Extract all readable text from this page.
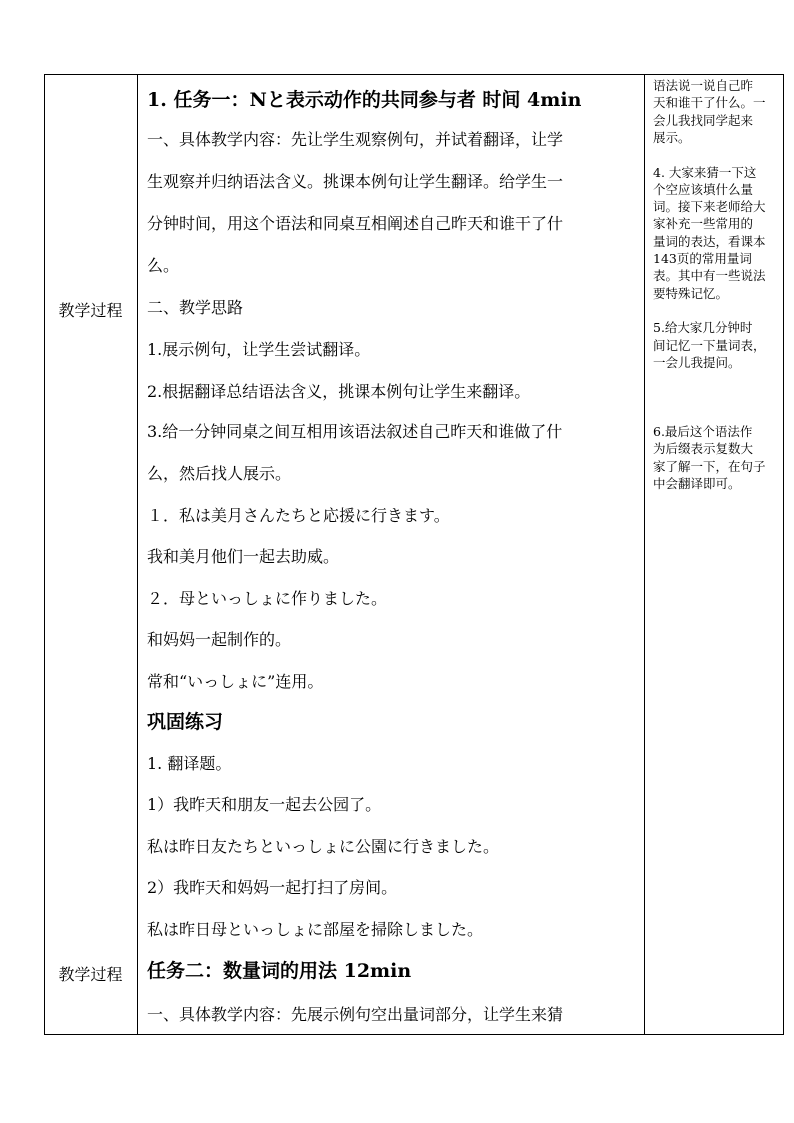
教学过程
教学过程
1. 任务一：Nと表示动作的共同参与者 时间 4min
一、具体教学内容：先让学生观察例句，并试着翻译，让学
生观察并归纳语法含义。挑课本例句让学生翻译。给学生一
分钟时间，用这个语法和同桌互相阐述自己昨天和谁干了什
么。
二、教学思路
1.展示例句，让学生尝试翻译。
2.根据翻译总结语法含义，挑课本例句让学生来翻译。
3.给一分钟同桌之间互相用该语法叙述自己昨天和谁做了什
么，然后找人展示。
１．私は美月さんたちと応援に行きます。
我和美月他们一起去助威。
２．母といっしょに作りました。
和妈妈一起制作的。
常和“いっしょに”连用。
巩固练习
1. 翻译题。
1）我昨天和朋友一起去公园了。
私は昨日友たちといっしょに公園に行きました。
2）我昨天和妈妈一起打扫了房间。
私は昨日母といっしょに部屋を掃除しました。
任务二：数量词的用法 12min
一、具体教学内容：先展示例句空出量词部分，让学生来猜
语法说一说自己昨
天和谁干了什么。一
会儿我找同学起来
展示。
4. 大家来猜一下这
个空应该填什么量
词。接下来老师给大
家补充一些常用的
量词的表达，看课本
143页的常用量词
表。其中有一些说法
要特殊记忆。
5.给大家几分钟时
间记忆一下量词表，
一会儿我提问。
6.最后这个语法作
为后缀表示复数大
家了解一下，在句子
中会翻译即可。
